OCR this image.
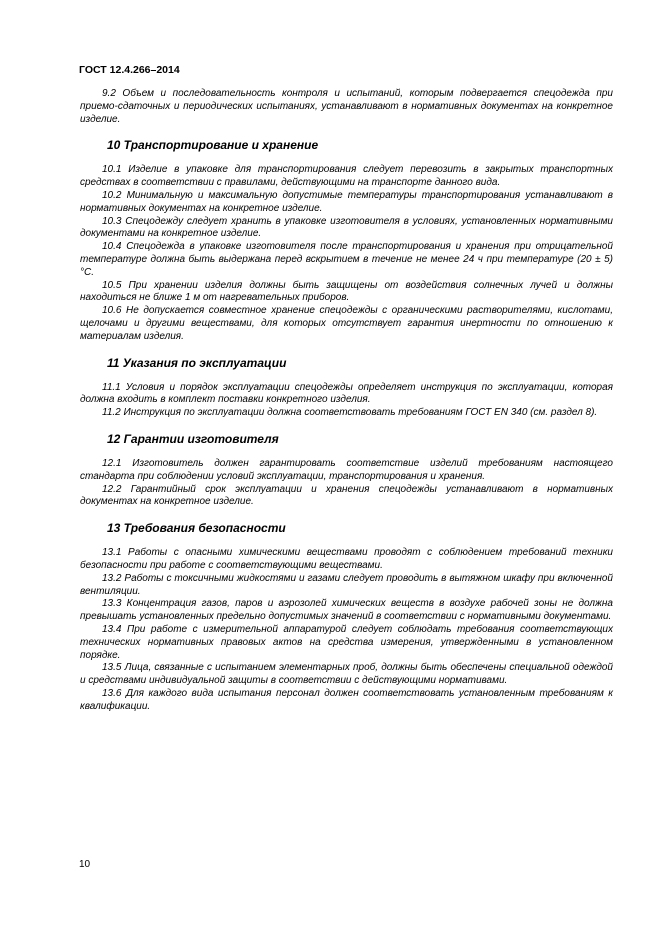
ГОСТ 12.4.266–2014

9.2 Объем и последовательность контроля и испытаний, которым подвергается спецодежда при приемо-сдаточных и периодических испытаниях, устанавливают в нормативных документах на конкретное изделие.

10 Транспортирование и хранение

10.1 Изделие в упаковке для транспортирования следует перевозить в закрытых транспортных средствах в соответствии с правилами, действующими на транспорте данного вида.

10.2 Минимальную и максимальную допустимые температуры транспортирования устанавливают в нормативных документах на конкретное изделие.

10.3 Спецодежду следует хранить в упаковке изготовителя в условиях, установленных нормативными документами на конкретное изделие.

10.4 Спецодежда в упаковке изготовителя после транспортирования и хранения при отрицательной температуре должна быть выдержана перед вскрытием в течение не менее 24 ч при температуре (20 ± 5) °С.

10.5 При хранении изделия должны быть защищены от воздействия солнечных лучей и должны находиться не ближе 1 м от нагревательных приборов.

10.6 Не допускается совместное хранение спецодежды с органическими растворителями, кислотами, щелочами и другими веществами, для которых отсутствует гарантия инертности по отношению к материалам изделия.

11 Указания по эксплуатации

11.1 Условия и порядок эксплуатации спецодежды определяет инструкция по эксплуатации, которая должна входить в комплект поставки конкретного изделия.

11.2 Инструкция по эксплуатации должна соответствовать требованиям ГОСТ EN 340 (см. раздел 8).

12 Гарантии изготовителя

12.1 Изготовитель должен гарантировать соответствие изделий требованиям настоящего стандарта при соблюдении условий эксплуатации, транспортирования и хранения.

12.2 Гарантийный срок эксплуатации и хранения спецодежды устанавливают в нормативных документах на конкретное изделие.

13 Требования безопасности

13.1 Работы с опасными химическими веществами проводят с соблюдением требований техники безопасности при работе с соответствующими веществами.

13.2 Работы с токсичными жидкостями и газами следует проводить в вытяжном шкафу при включенной вентиляции.

13.3 Концентрация газов, паров и аэрозолей химических веществ в воздухе рабочей зоны не должна превышать установленных предельно допустимых значений в соответствии с нормативными документами.

13.4 При работе с измерительной аппаратурой следует соблюдать требования соответствующих технических нормативных правовых актов на средства измерения, утвержденными в установленном порядке.

13.5 Лица, связанные с испытанием элементарных проб, должны быть обеспечены специальной одеждой и средствами индивидуальной защиты в соответствии с действующими нормативами.

13.6 Для каждого вида испытания персонал должен соответствовать установленным требованиям к квалификации.

10
